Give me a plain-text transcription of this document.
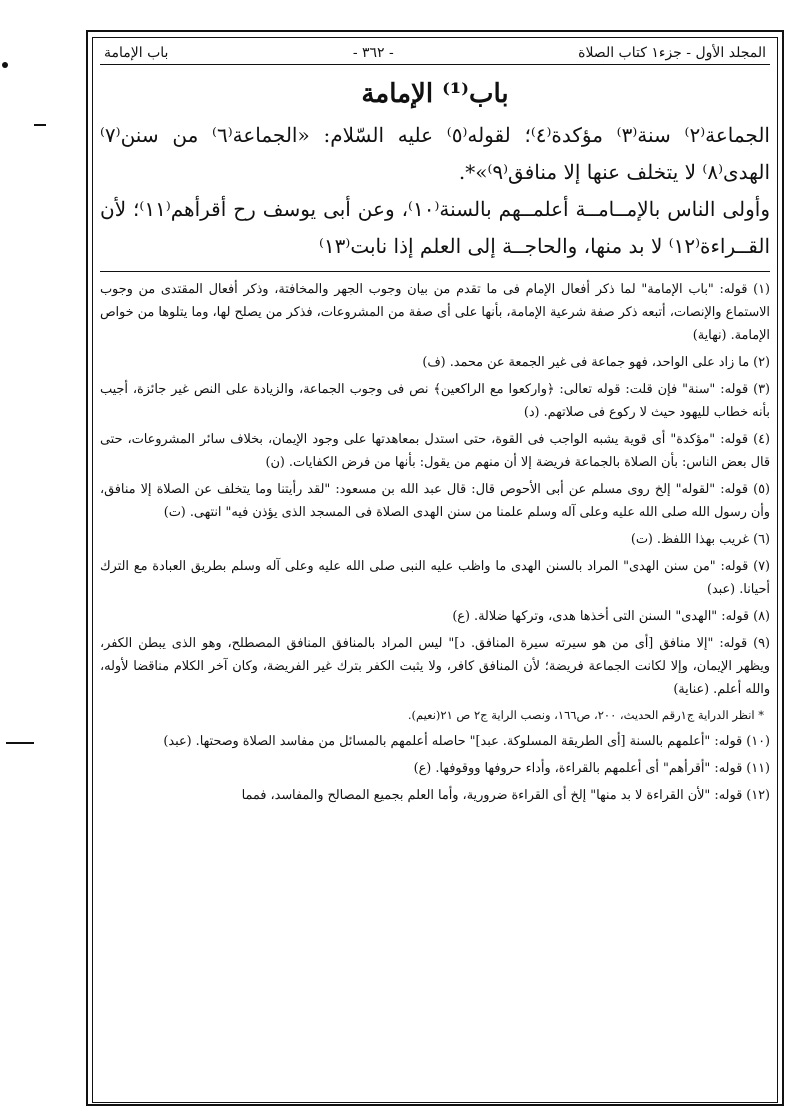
المجلد الأول - جزء١ كتاب الصلاة
- ٣٦٢ -
باب الإمامة
باب⁽¹⁾ الإمامة

الجماعة⁽٢⁾ سنة⁽٣⁾ مؤكدة⁽٤⁾؛ لقوله⁽٥⁾ عليه السّلام: «الجماعة⁽٦⁾ من سنن⁽٧⁾ الهدى⁽٨⁾ لا يتخلف عنها إلا منافق⁽٩⁾»*.

وأولى الناس بالإمــامــة أعلمــهم بالسنة⁽١٠⁾، وعن أبى يوسف رح أقرأهم⁽١١⁾؛ لأن القــراءة⁽١٢⁾ لا بد منها، والحاجــة إلى العلم إذا نابت⁽١٣⁾

(١) قوله: "باب الإمامة" لما ذكر أفعال الإمام فى ما تقدم من بيان وجوب الجهر والمخافتة، وذكر أفعال المقتدى من وجوب الاستماع والإنصات، أتبعه ذكر صفة شرعية الإمامة، بأنها على أى صفة من المشروعات، فذكر من يصلح لها، وما يتلوها من خواص الإمامة. (نهاية)

(٢) ما زاد على الواحد، فهو جماعة فى غير الجمعة عن محمد. (ف)

(٣) قوله: "سنة" فإن قلت: قوله تعالى: ﴿واركعوا مع الراكعين﴾ نص فى وجوب الجماعة، والزيادة على النص غير جائزة، أجيب بأنه خطاب لليهود حيث لا ركوع فى صلاتهم. (د)

(٤) قوله: "مؤكدة" أى قوية يشبه الواجب فى القوة، حتى استدل بمعاهدتها على وجود الإيمان، بخلاف سائر المشروعات، حتى قال بعض الناس: بأن الصلاة بالجماعة فريضة إلا أن منهم من يقول: بأنها من فرض الكفايات. (ن)

(٥) قوله: "لقوله" إلخ روى مسلم عن أبى الأحوص قال: قال عبد الله بن مسعود: "لقد رأيتنا وما يتخلف عن الصلاة إلا منافق، وأن رسول الله صلى الله عليه وعلى آله وسلم علمنا من سنن الهدى الصلاة فى المسجد الذى يؤذن فيه" انتهى. (ت)

(٦) غريب بهذا اللفظ. (ت)

(٧) قوله: "من سنن الهدى" المراد بالسنن الهدى ما واظب عليه النبى صلى الله عليه وعلى آله وسلم بطريق العبادة مع الترك أحيانا. (عبد)

(٨) قوله: "الهدى" السنن التى أخذها هدى، وتركها ضلالة. (ع)

(٩) قوله: "إلا منافق [أى من هو سيرته سيرة المنافق. د]" ليس المراد بالمنافق المنافق المصطلح، وهو الذى يبطن الكفر، ويظهر الإيمان، وإلا لكانت الجماعة فريضة؛ لأن المنافق كافر، ولا يثبت الكفر بترك غير الفريضة، وكان آخر الكلام مناقضا لأوله، والله أعلم. (عناية)

* انظر الدراية ج١رقم الحديث، ٢٠٠، ص١٦٦، ونصب الراية ج٢ ص ٢١(نعيم).

(١٠) قوله: "أعلمهم بالسنة [أى الطريقة المسلوكة. عبد]" حاصله أعلمهم بالمسائل من مفاسد الصلاة وصحتها. (عبد)

(١١) قوله: "أقرأهم" أى أعلمهم بالقراءة، وأداء حروفها ووقوفها. (ع)

(١٢) قوله: "لأن القراءة لا بد منها" إلخ أى القراءة ضرورية، وأما العلم بجميع المصالح والمفاسد، فمما
